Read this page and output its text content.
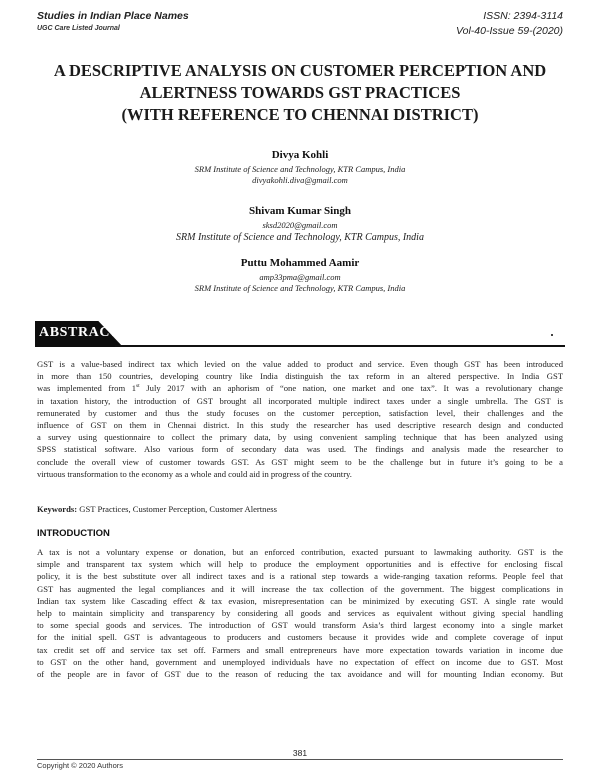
Studies in Indian Place Names
UGC Care Listed Journal
ISSN: 2394-3114
Vol-40-Issue 59-(2020)
A DESCRIPTIVE ANALYSIS ON CUSTOMER PERCEPTION AND
ALERTNESS TOWARDS GST PRACTICES
(WITH REFERENCE TO CHENNAI DISTRICT)
Divya Kohli
SRM Institute of Science and Technology, KTR Campus, India
divyakohli.diva@gmail.com
Shivam Kumar Singh
sksd2020@gmail.com
SRM Institute of Science and Technology, KTR Campus, India
Puttu Mohammed Aamir
amp33pma@gmail.com
SRM Institute of Science and Technology, KTR Campus, India
ABSTRACT
GST is a value-based indirect tax which levied on the value added to product and service. Even though GST has been introduced
in more than 150 countries, developing country like India distinguish the tax reform in an altered perspective. In India GST
was implemented from 1st July 2017 with an aphorism of “one nation, one market and one tax”. It was a revolutionary change
in taxation history, the introduction of GST brought all incorporated multiple indirect taxes under a single umbrella. The GST is
remunerated by customer and thus the study focuses on the customer perception, satisfaction level, their challenges and the
influence of GST on them in Chennai district. In this study the researcher has used descriptive research design and conducted
a survey using questionnaire to collect the primary data, by using convenient sampling technique that has been analyzed using
SPSS statistical software. Also various form of secondary data was used. The findings and analysis made the researcher to
conclude the overall view of customer towards GST. As GST might seem to be the challenge but in future it’s going to be a
virtuous transformation to the economy as a whole and could aid in progress of the country.
Keywords: GST Practices, Customer Perception, Customer Alertness
INTRODUCTION
A tax is not a voluntary expense or donation, but an enforced contribution, exacted pursuant to lawmaking authority. GST is the
simple and transparent tax system which will help to produce the employment opportunities and is effective for enclosing fiscal
policy, it is the best substitute over all indirect taxes and is a rational step towards a wide-ranging taxation reforms. People feel that
GST has augmented the legal compliances and it will increase the tax collection of the government. The biggest complications in
Indian tax system like Cascading effect & tax evasion, misrepresentation can be minimized by executing GST. A single rate would
help to maintain simplicity and transparency by considering all goods and services as equivalent without giving special handling
to some special goods and services. The introduction of GST would transform Asia’s third largest economy into a single market
for the initial spell. GST is advantageous to producers and customers because it provides wide and complete coverage of input
tax credit set off and service tax set off. Farmers and small entrepreneurs have more expectation towards variation in income due
to GST on the other hand, government and unemployed individuals have no expectation of effect on income due to GST. Most
of the people are in favor of GST due to the reason of reducing the tax avoidance and will for mounting Indian economy. But
381
Copyright © 2020 Authors
